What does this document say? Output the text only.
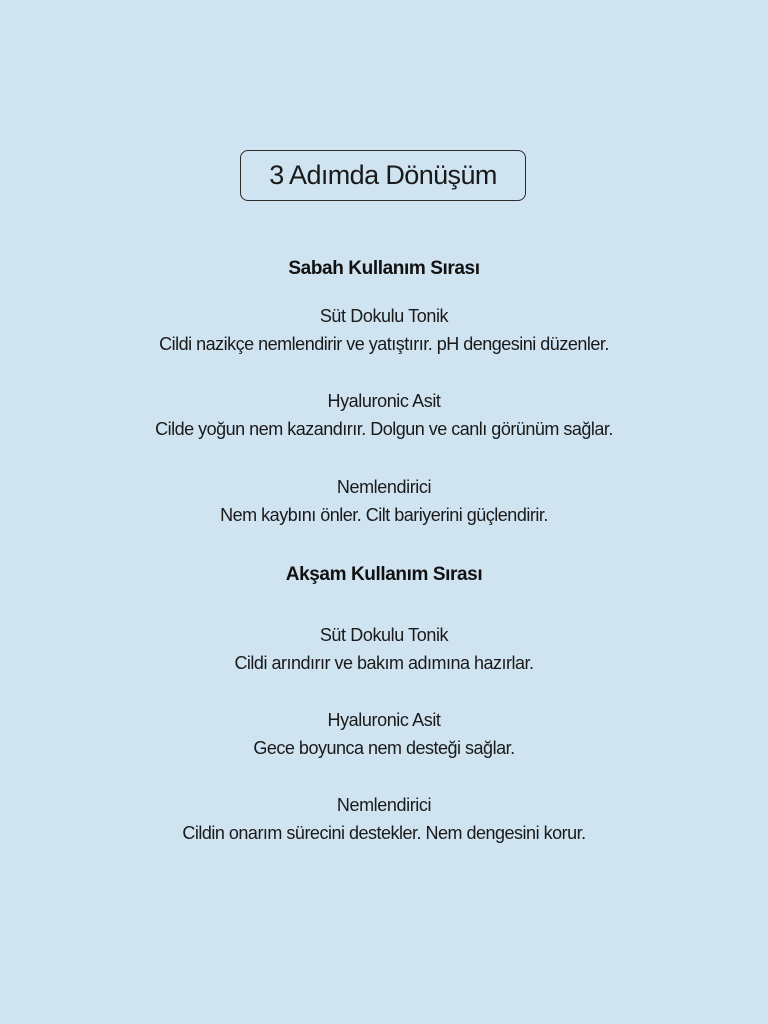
3 Adımda Dönüşüm
Sabah Kullanım Sırası
Süt Dokulu Tonik
Cildi nazikçe nemlendirir ve yatıştırır. pH dengesini düzenler.
Hyaluronic Asit
Cilde yoğun nem kazandırır. Dolgun ve canlı görünüm sağlar.
Nemlendirici
Nem kaybını önler. Cilt bariyerini güçlendirir.
Akşam Kullanım Sırası
Süt Dokulu Tonik
Cildi arındırır ve bakım adımına hazırlar.
Hyaluronic Asit
Gece boyunca nem desteği sağlar.
Nemlendirici
Cildin onarım sürecini destekler. Nem dengesini korur.
